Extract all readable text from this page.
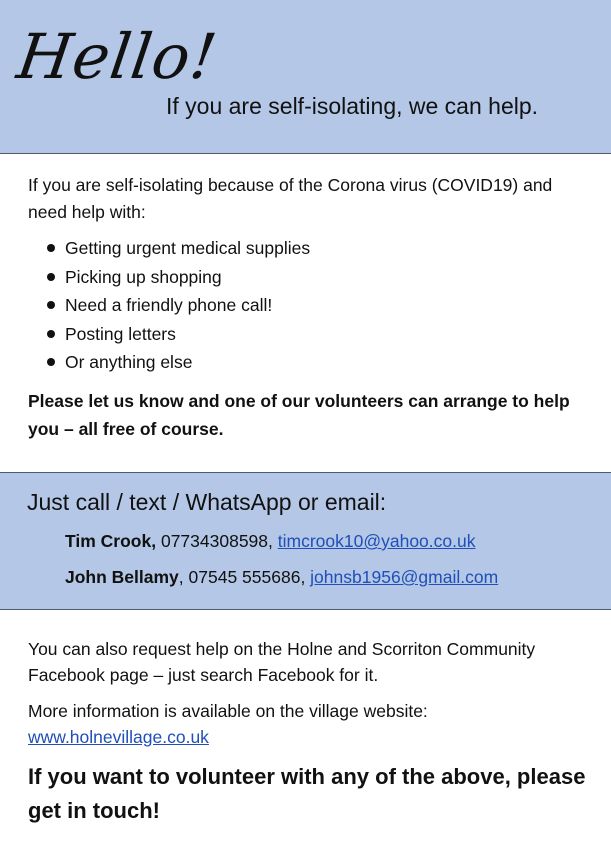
Hello!
If you are self-isolating, we can help.

If you are self-isolating because of the Corona virus (COVID19) and need help with:

Getting urgent medical supplies
Picking up shopping
Need a friendly phone call!
Posting letters
Or anything else

Please let us know and one of our volunteers can arrange to help you – all free of course.

Just call / text / WhatsApp or email:
Tim Crook, 07734308598, timcrook10@yahoo.co.uk
John Bellamy, 07545 555686, johnsb1956@gmail.com

You can also request help on the Holne and Scorriton Community Facebook page – just search Facebook for it.

More information is available on the village website:
www.holnevillage.co.uk

If you want to volunteer with any of the above, please get in touch!
